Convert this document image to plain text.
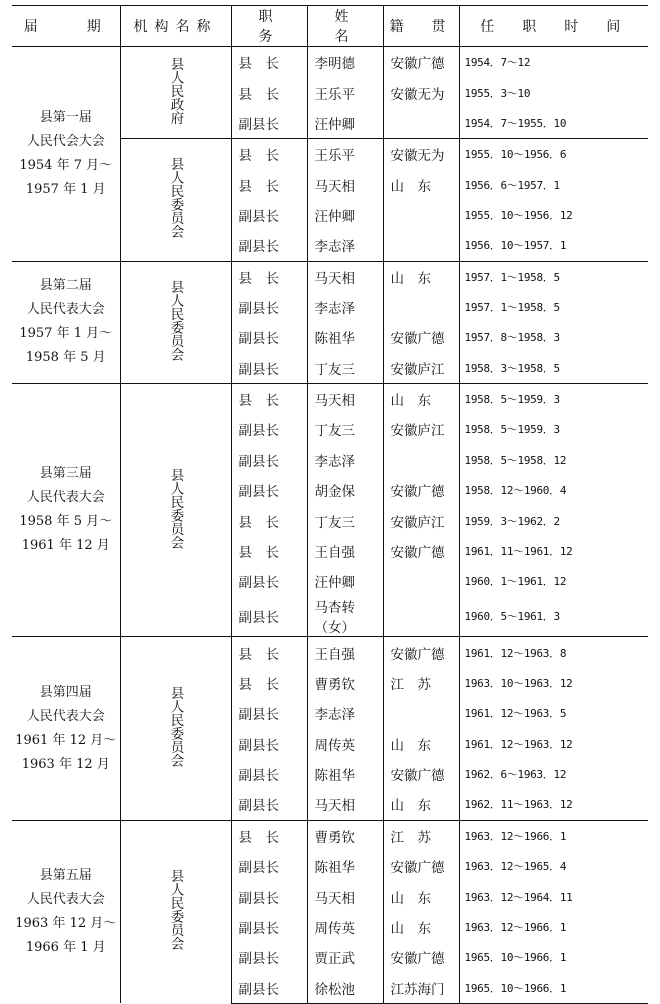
届　　期	机构名称	职　　务	姓　　名	籍　贯	任　职　时　间

县第一届
人民代会大会
1954 年 7 月～
1957 年 1 月	县人民政府	县　长	李明德	安徽广德	1954．7～12
		县　长	王乐平	安徽无为	1955．3～10
		副县长	汪仲卿		1954．7～1955．10
	县人民委员会	县　长	王乐平	安徽无为	1955．10～1956．6
		县　长	马天相	山　东	1956．6～1957．1
		副县长	汪仲卿		1955．10～1956．12
		副县长	李志泽		1956．10～1957．1

县第二届
人民代表大会
1957 年 1 月～
1958 年 5 月	县人民委员会	县　长	马天相	山　东	1957．1～1958．5
		副县长	李志泽		1957．1～1958．5
		副县长	陈祖华	安徽广德	1957．8～1958．3
		副县长	丁友三	安徽庐江	1958．3～1958．5

县第三届
人民代表大会
1958 年 5 月～
1961 年 12 月	县人民委员会	县　长	马天相	山　东	1958．5～1959．3
		副县长	丁友三	安徽庐江	1958．5～1959．3
		副县长	李志泽		1958．5～1958．12
		副县长	胡金保	安徽广德	1958．12～1960．4
		县　长	丁友三	安徽庐江	1959．3～1962．2
		县　长	王自强	安徽广德	1961．11～1961．12
		副县长	汪仲卿		1960．1～1961．12
		副县长	马杏转（女）		1960．5～1961．3

县第四届
人民代表大会
1961 年 12 月～
1963 年 12 月	县人民委员会	县　长	王自强	安徽广德	1961．12～1963．8
		县　长	曹勇钦	江　苏	1963．10～1963．12
		副县长	李志泽		1961．12～1963．5
		副县长	周传英	山　东	1961．12～1963．12
		副县长	陈祖华	安徽广德	1962．6～1963．12
		副县长	马天相	山　东	1962．11～1963．12

县第五届
人民代表大会
1963 年 12 月～
1966 年 1 月	县人民委员会	县　长	曹勇钦	江　苏	1963．12～1966．1
		副县长	陈祖华	安徽广德	1963．12～1965．4
		副县长	马天相	山　东	1963．12～1964．11
		副县长	周传英	山　东	1963．12～1966．1
		副县长	贾正武	安徽广德	1965．10～1966．1
		副县长	徐松池	江苏海门	1965．10～1966．1
